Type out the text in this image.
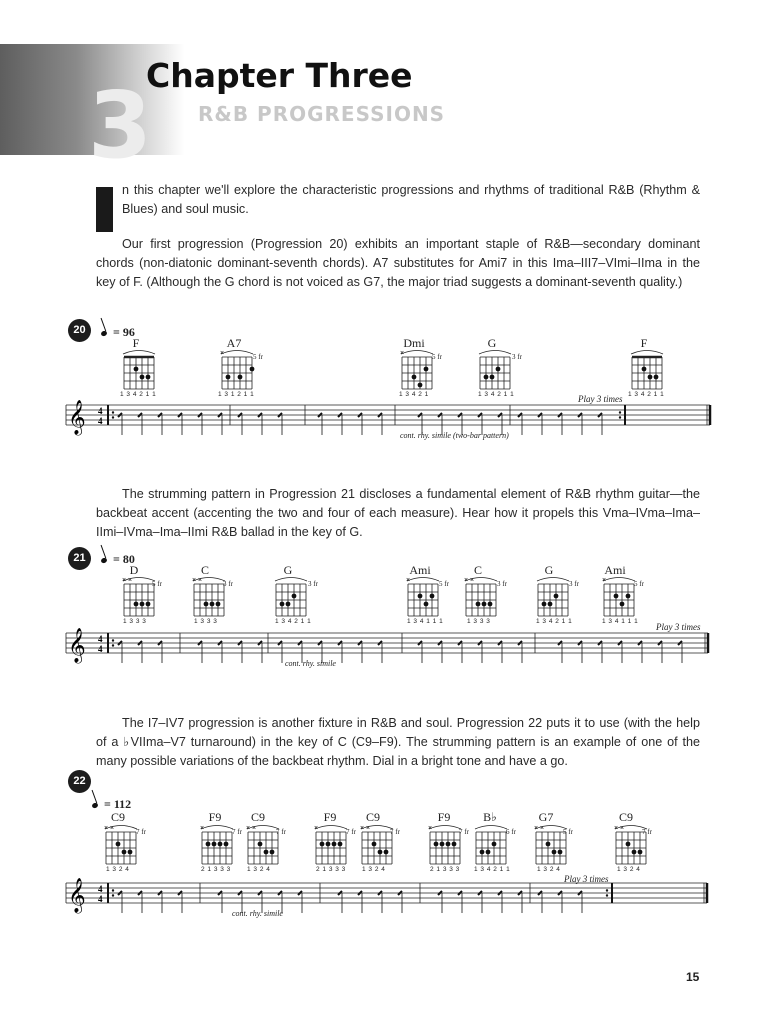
3
Chapter Three
R&B PROGRESSIONS
n this chapter we'll explore the characteristic progressions and rhythms of traditional R&B (Rhythm & Blues) and soul music.
Our first progression (Progression 20) exhibits an important staple of R&B—secondary dominant chords (non-diatonic dominant-seventh chords). A7 substitutes for Ami7 in this Ima–III7–VImi–IIma in the key of F. (Although the G chord is not voiced as G7, the major triad suggests a dominant-seventh quality.)
The strumming pattern in Progression 21 discloses a fundamental element of R&B rhythm guitar—the backbeat accent (accenting the two and four of each measure). Hear how it propels this Vma–IVma–Ima–IImi–IVma–Ima–IImi R&B ballad in the key of G.
The I7–IV7 progression is another fixture in R&B and soul. Progression 22 puts it to use (with the help of a ♭VIIma–V7 turnaround) in the key of C (C9–F9). The strumming pattern is an example of one of the many possible variations of the backbeat rhythm. Dial in a bright tone and have a go.
20	= 96
F	A7	Dmi	G	F
5 fr	5 fr	3 fr
1 3 4 2 1 1	1 3 1 2 1 1	1 3 4 2 1	1 3 4 2 1 1	1 3 4 2 1 1
cont. rhy. simile (two-bar pattern)
Play 3 times
21	= 80
D	C	G	Ami	C	G	Ami
5 fr	3 fr	3 fr	5 fr	3 fr	3 fr	5 fr
1 3 3 3	1 3 3 3	1 3 4 2 1 1	1 3 4 1 1 1	1 3 3 3	1 3 4 2 1 1	1 3 4 1 1 1
cont. rhy. simile
Play 3 times
22
= 112
C9	F9	C9	F9	C9	F9	B♭	G7	C9
7 fr	7 fr	7 fr	7 fr	7 fr	7 fr	6 fr	5 fr	7 fr
1 3 2 4	2 1 3 3 3 1 3 2 4	2 1 3 3 3 1 3 2 4	2 1 3 3 3 1 3 4 2 1 1	1 3 2 4	1 3 2 4
cont. rhy. simile
Play 3 times
15
×	×
× ×	× ×	×	× ×	×
× ×	×	× ×	×	× ×	×	× ×	× ×
𝄞 4
4
𝄞 4
4
𝄞 4
4
